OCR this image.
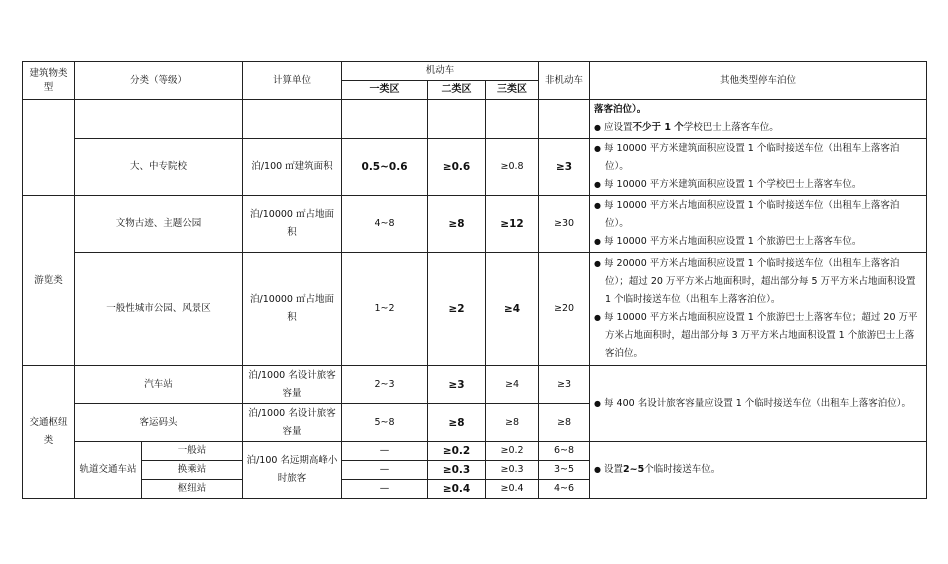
建筑物类型	分类（等级）		计算单位	机动车			非机动车	其他类型停车泊位
				一类区	二类区	三类区		

								落客泊位）。
● 应设置不少于 1 个学校巴士上落客车位。

	大、中专院校		泊/100 ㎡建筑面积	0.5~0.6	≥0.6	≥0.8	≥3	● 每 10000 平方米建筑面积应设置 1 个临时接送车位（出租车上落客泊位）。
● 每 10000 平方米建筑面积应设置 1 个学校巴士上落客车位。

游览类	文物古迹、主题公园		泊/10000 ㎡占地面积	4~8	≥8	≥12	≥30	● 每 10000 平方米占地面积应设置 1 个临时接送车位（出租车上落客泊位）。
● 每 10000 平方米占地面积应设置 1 个旅游巴士上落客车位。

	一般性城市公园、风景区		泊/10000 ㎡占地面积	1~2	≥2	≥4	≥20	● 每 20000 平方米占地面积应设置 1 个临时接送车位（出租车上落客泊位）；超过 20 万平方米占地面积时，超出部分每 5 万平方米占地面积设置 1 个临时接送车位（出租车上落客泊位）。
● 每 10000 平方米占地面积应设置 1 个旅游巴士上落客车位；超过 20 万平方米占地面积时，超出部分每 3 万平方米占地面积设置 1 个旅游巴士上落客泊位。

交通枢纽类	汽车站		泊/1000 名设计旅客容量	2~3	≥3	≥4	≥3	● 每 400 名设计旅客容量应设置 1 个临时接送车位（出租车上落客泊位）。

	客运码头		泊/1000 名设计旅客容量	5~8	≥8	≥8	≥8	
	轨道交通车站	一般站	泊/100 名远期高峰小时旅客	—	≥0.2	≥0.2	6~8	● 设置2~5个临时接送车位。

		换乘站		—	≥0.3	≥0.3	3~5	
		枢纽站		—	≥0.4	≥0.4	4~6	
